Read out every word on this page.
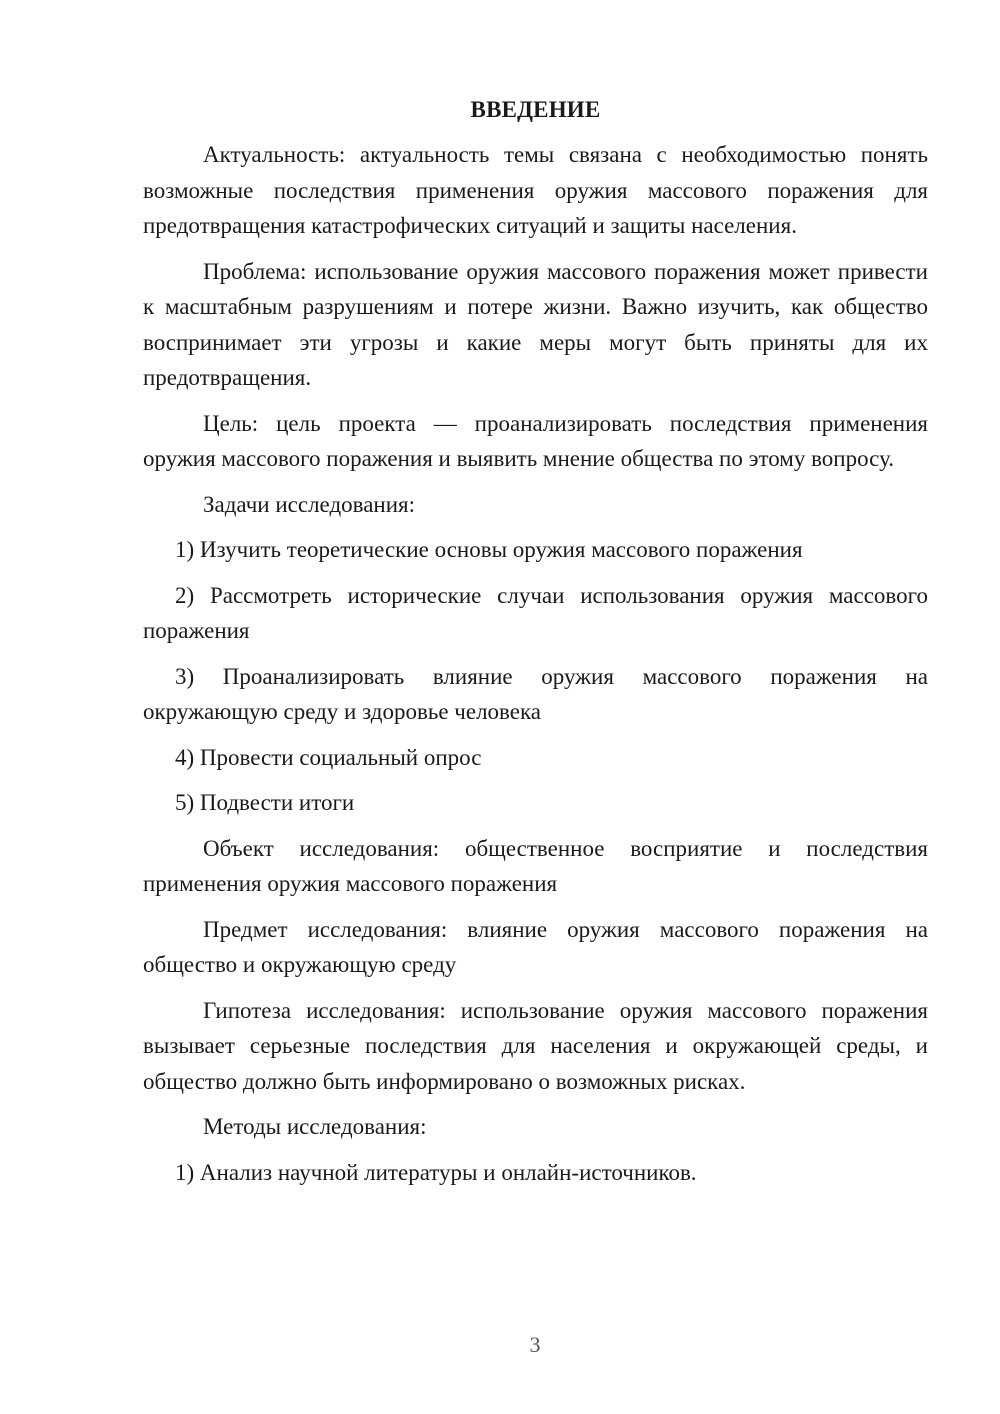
ВВЕДЕНИЕ

Актуальность: актуальность темы связана с необходимостью понять возможные последствия применения оружия массового поражения для предотвращения катастрофических ситуаций и защиты населения.

Проблема: использование оружия массового поражения может привести к масштабным разрушениям и потере жизни. Важно изучить, как общество воспринимает эти угрозы и какие меры могут быть приняты для их предотвращения.

Цель: цель проекта — проанализировать последствия применения оружия массового поражения и выявить мнение общества по этому вопросу.

Задачи исследования:

1) Изучить теоретические основы оружия массового поражения

2) Рассмотреть исторические случаи использования оружия массового поражения

3) Проанализировать влияние оружия массового поражения на окружающую среду и здоровье человека

4) Провести социальный опрос

5) Подвести итоги

Объект исследования: общественное восприятие и последствия применения оружия массового поражения

Предмет исследования: влияние оружия массового поражения на общество и окружающую среду

Гипотеза исследования: использование оружия массового поражения вызывает серьезные последствия для населения и окружающей среды, и общество должно быть информировано о возможных рисках.

Методы исследования:

1) Анализ научной литературы и онлайн-источников.

3
